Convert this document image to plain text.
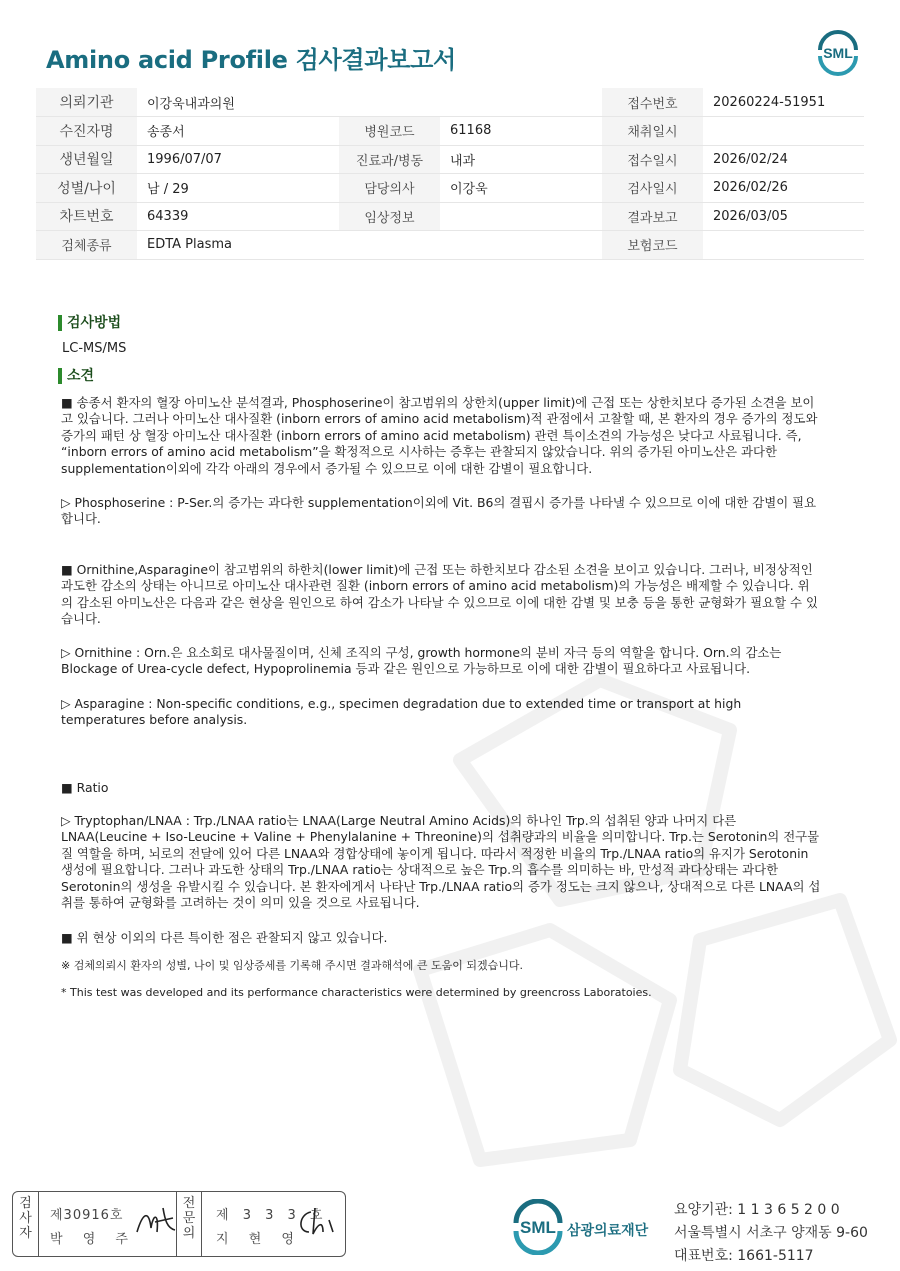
Amino acid Profile 검사결과보고서	SML
의뢰기관	이강욱내과의원			접수번호	20260224-51951
수진자명	송종서	병원코드	61168	채취일시	
생년월일	1996/07/07	진료과/병동	내과	접수일시	2026/02/24
성별/나이	남 / 29	담당의사	이강욱	검사일시	2026/02/26
차트번호	64339	임상정보		결과보고	2026/03/05
검체종류	EDTA Plasma			보험코드	
검사방법
LC-MS/MS
소견
■ 송종서 환자의 혈장 아미노산 분석결과, Phosphoserine이 참고범위의 상한치(upper limit)에 근접 또는 상한치보다 증가된 소견을 보이고 있습니다. 그러나 아미노산 대사질환 (inborn errors of amino acid metabolism)적 관점에서 고찰할 때, 본 환자의 경우 증가의 정도와 증가의 패턴 상 혈장 아미노산 대사질환 (inborn errors of amino acid metabolism) 관련 특이소견의 가능성은 낮다고 사료됩니다. 즉, “inborn errors of amino acid metabolism”을 확정적으로 시사하는 증후는 관찰되지 않았습니다. 위의 증가된 아미노산은 과다한 supplementation이외에 각각 아래의 경우에서 증가될 수 있으므로 이에 대한 감별이 필요합니다.
▷ Phosphoserine : P-Ser.의 증가는 과다한 supplementation이외에 Vit. B6의 결핍시 증가를 나타낼 수 있으므로 이에 대한 감별이 필요합니다.
■ Ornithine,Asparagine이 참고범위의 하한치(lower limit)에 근접 또는 하한치보다 감소된 소견을 보이고 있습니다. 그러나, 비정상적인 과도한 감소의 상태는 아니므로 아미노산 대사관련 질환 (inborn errors of amino acid metabolism)의 가능성은 배제할 수 있습니다. 위의 감소된 아미노산은 다음과 같은 현상을 원인으로 하여 감소가 나타날 수 있으므로 이에 대한 감별 및 보충 등을 통한 균형화가 필요할 수 있습니다.
▷ Ornithine : Orn.은 요소회로 대사물질이며, 신체 조직의 구성, growth hormone의 분비 자극 등의 역할을 합니다. Orn.의 감소는 Blockage of Urea-cycle defect, Hypoprolinemia 등과 같은 원인으로 가능하므로 이에 대한 감별이 필요하다고 사료됩니다.
▷ Asparagine : Non-specific conditions, e.g., specimen degradation due to extended time or transport at high temperatures before analysis.
■ Ratio
▷ Tryptophan/LNAA : Trp./LNAA ratio는 LNAA(Large Neutral Amino Acids)의 하나인 Trp.의 섭취된 양과 나머지 다른 LNAA(Leucine + Iso-Leucine + Valine + Phenylalanine + Threonine)의 섭취량과의 비율을 의미합니다. Trp.는 Serotonin의 전구물질 역할을 하며, 뇌로의 전달에 있어 다른 LNAA와 경합상태에 놓이게 됩니다. 따라서 적정한 비율의 Trp./LNAA ratio의 유지가 Serotonin 생성에 필요합니다. 그러나 과도한 상태의 Trp./LNAA ratio는 상대적으로 높은 Trp.의 흡수를 의미하는 바, 만성적 과다상태는 과다한 Serotonin의 생성을 유발시킬 수 있습니다. 본 환자에게서 나타난 Trp./LNAA ratio의 증가 정도는 크지 않으나, 상대적으로 다른 LNAA의 섭취를 통하여 균형화를 고려하는 것이 의미 있을 것으로 사료됩니다.
■ 위 현상 이외의 다른 특이한 점은 관찰되지 않고 있습니다.
※ 검체의뢰시 환자의 성별, 나이 및 임상증세를 기록해 주시면 결과해석에 큰 도움이 되겠습니다.
* This test was developed and its performance characteristics were determined by greencross Laboratoies.
검사자
제30916호
박 영 주
전문의
제 3 3 3 호
지 현 영
SML 삼광의료재단
요양기관: 1 1 3 6 5 2 0 0
서울특별시 서초구 양재동 9-60
대표번호: 1661-5117
